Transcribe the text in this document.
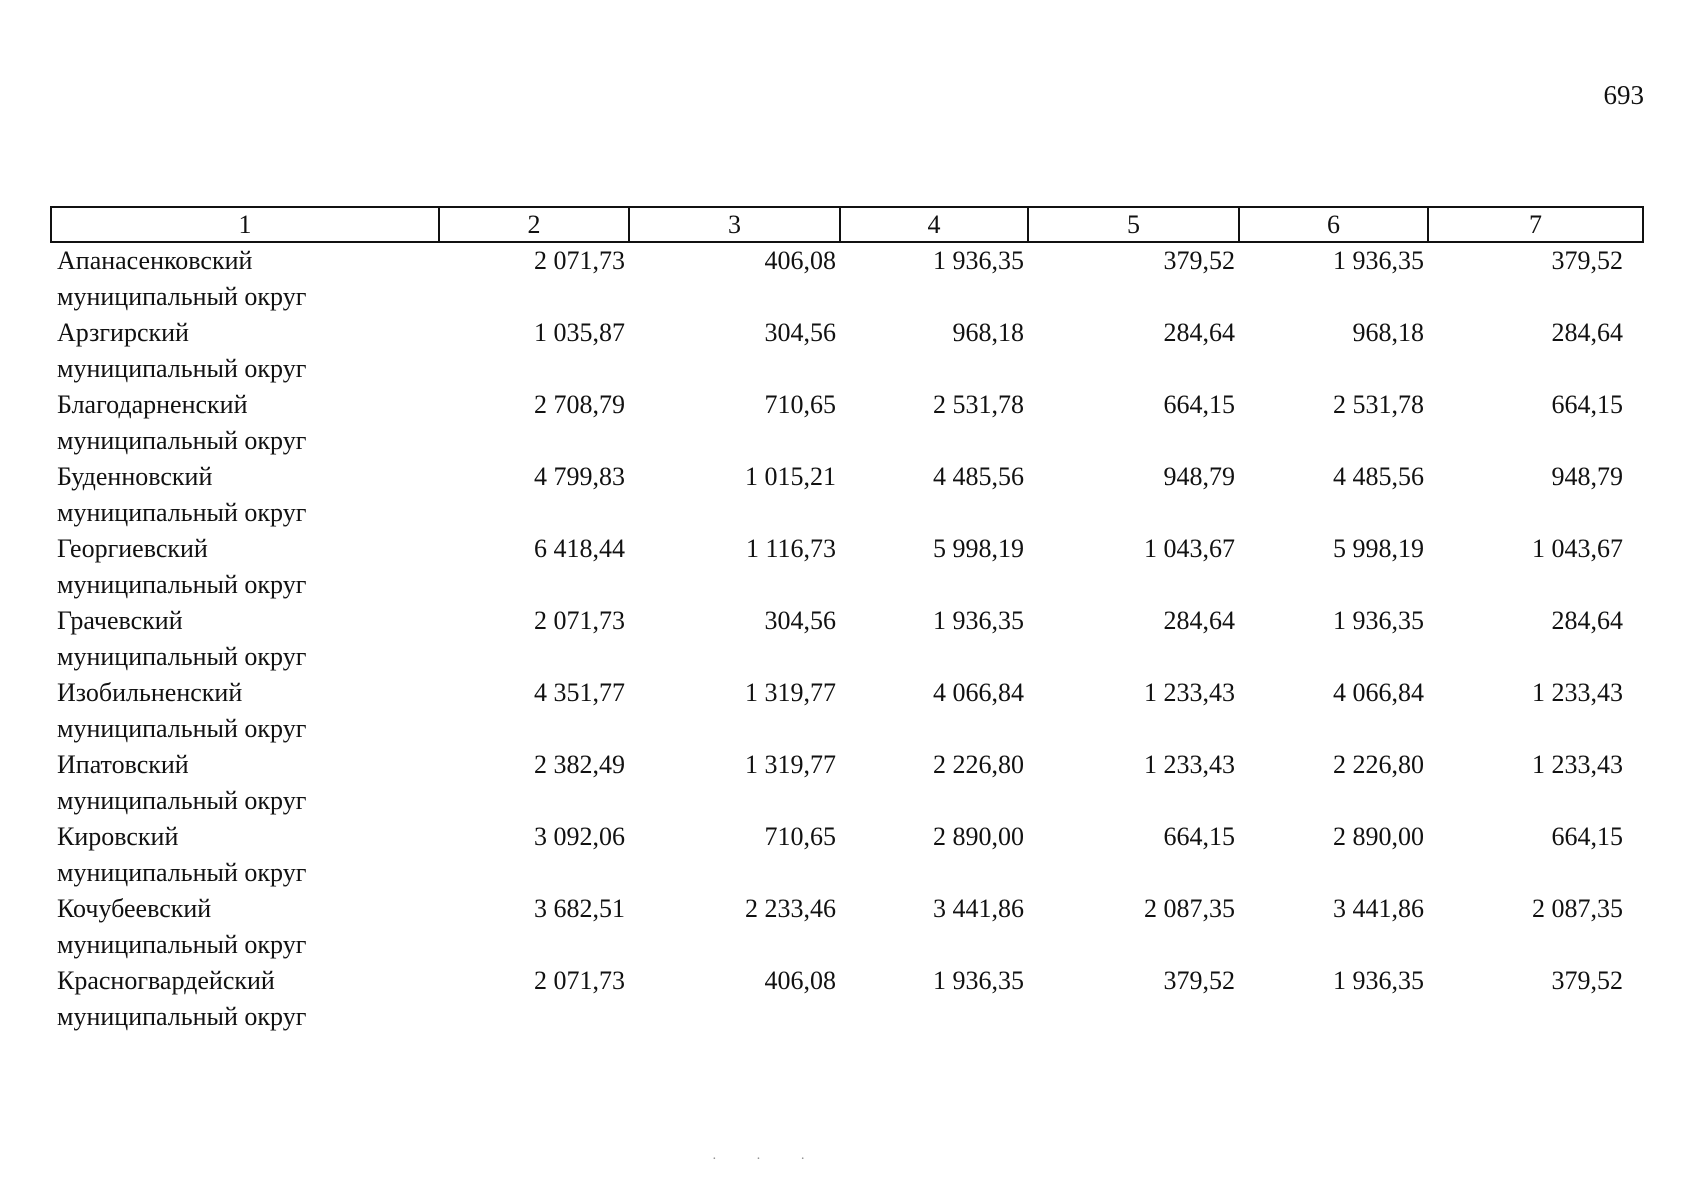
693
1	2	3	4	5	6	7
Апанасенковский
муниципальный округ	2 071,73	406,08	1 936,35	379,52	1 936,35	379,52
Арзгирский
муниципальный округ	1 035,87	304,56	968,18	284,64	968,18	284,64
Благодарненский
муниципальный округ	2 708,79	710,65	2 531,78	664,15	2 531,78	664,15
Буденновский
муниципальный округ	4 799,83	1 015,21	4 485,56	948,79	4 485,56	948,79
Георгиевский
муниципальный округ	6 418,44	1 116,73	5 998,19	1 043,67	5 998,19	1 043,67
Грачевский
муниципальный округ	2 071,73	304,56	1 936,35	284,64	1 936,35	284,64
Изобильненский
муниципальный округ	4 351,77	1 319,77	4 066,84	1 233,43	4 066,84	1 233,43
Ипатовский
муниципальный округ	2 382,49	1 319,77	2 226,80	1 233,43	2 226,80	1 233,43
Кировский
муниципальный округ	3 092,06	710,65	2 890,00	664,15	2 890,00	664,15
Кочубеевский
муниципальный округ	3 682,51	2 233,46	3 441,86	2 087,35	3 441,86	2 087,35
Красногвардейский
муниципальный округ	2 071,73	406,08	1 936,35	379,52	1 936,35	379,52
· · ·
